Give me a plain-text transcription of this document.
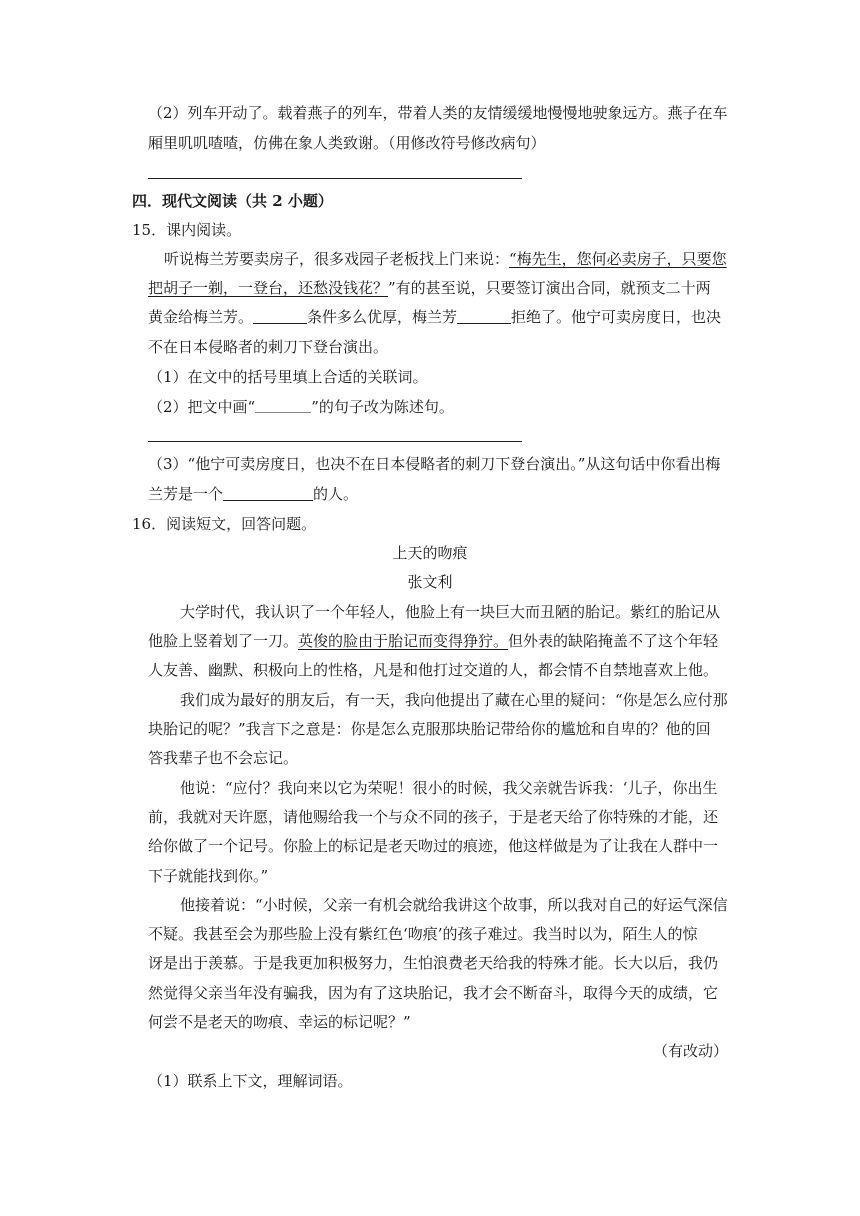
（2）列车开动了。载着燕子的列车，带着人类的友情缓缓地慢慢地驶象远方。燕子在车
厢里叽叽喳喳，仿佛在象人类致谢。（用修改符号修改病句）
四．现代文阅读（共 2 小题）
15．课内阅读。
听说梅兰芳要卖房子，很多戏园子老板找上门来说：“梅先生，您何必卖房子，只要您
把胡子一剃，一登台，还愁没钱花？”有的甚至说，只要签订演出合同，就预支二十两
黄金给梅兰芳。	条件多么优厚，梅兰芳	拒绝了。他宁可卖房度日，也决
不在日本侵略者的刺刀下登台演出。
（1）在文中的括号里填上合适的关联词。
（2）把文中画“	”的句子改为陈述句。
（3）“他宁可卖房度日，也决不在日本侵略者的刺刀下登台演出。”从这句话中你看出梅
兰芳是一个	的人。
16．阅读短文，回答问题。
上天的吻痕
张文利
大学时代，我认识了一个年轻人，他脸上有一块巨大而丑陋的胎记。紫红的胎记从
他脸上竖着划了一刀。英俊的脸由于胎记而变得狰狞。但外表的缺陷掩盖不了这个年轻
人友善、幽默、积极向上的性格，凡是和他打过交道的人，都会情不自禁地喜欢上他。
我们成为最好的朋友后，有一天，我向他提出了藏在心里的疑问：“你是怎么应付那
块胎记的呢？”我言下之意是：你是怎么克服那块胎记带给你的尴尬和自卑的？他的回
答我辈子也不会忘记。
他说：“应付？我向来以它为荣呢！很小的时候，我父亲就告诉我：‘儿子，你出生
前，我就对天许愿，请他赐给我一个与众不同的孩子，于是老天给了你特殊的才能，还
给你做了一个记号。你脸上的标记是老天吻过的痕迹，他这样做是为了让我在人群中一
下子就能找到你。”
他接着说：“小时候，父亲一有机会就给我讲这个故事，所以我对自己的好运气深信
不疑。我甚至会为那些脸上没有紫红色‘吻痕’的孩子难过。我当时以为，陌生人的惊
讶是出于羡慕。于是我更加积极努力，生怕浪费老天给我的特殊才能。长大以后，我仍
然觉得父亲当年没有骗我，因为有了这块胎记，我才会不断奋斗，取得今天的成绩，它
何尝不是老天的吻痕、幸运的标记呢？”
（有改动）
（1）联系上下文，理解词语。
